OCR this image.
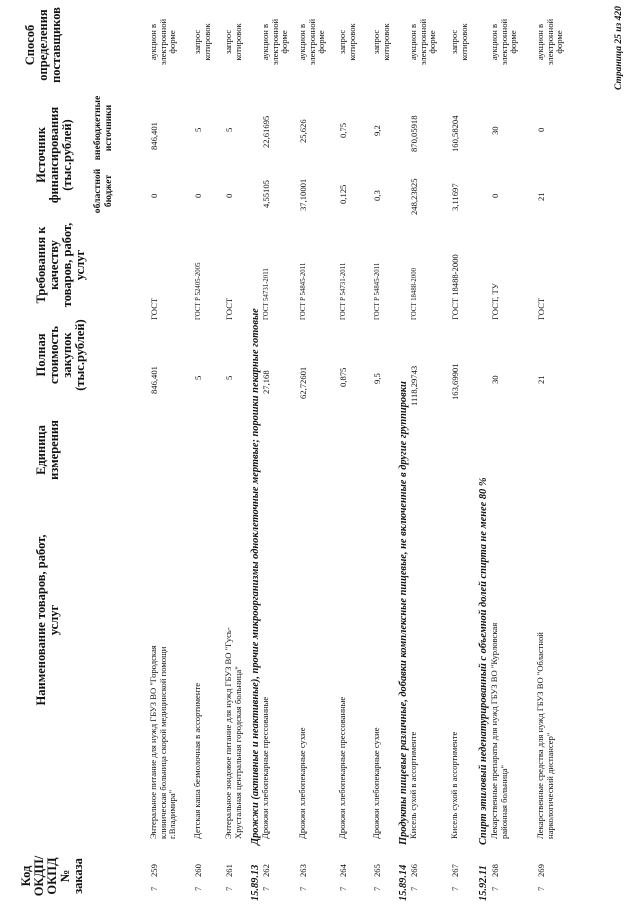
Код ОКДП/ ОКПД № заказа
Наименование товаров, работ, услуг
Единица измерения
Полная стоимость закупок (тыс.рублей)
Требования к качеству товаров, работ, услуг
Источник финансирования (тыс.рублей)
областной бюджет
внебюджетные источники
Способ определения поставщиков
7
259
Энтеральное питание для нужд ГБУЗ ВО "Городская клиническая больница скорой медицинской помощи г.Владимира"
846,401
ГОСТ
0
846,401
аукцион в электронной форме
7
260
Детская каша безмолочная в ассортименте
5
ГОСТ Р 52405-2005
0
5
запрос котировок
7
261
Энтеральное зондовое питание для нужд ГБУЗ ВО "Гусь-Хрустальная центральная городская больница"
5
ГОСТ
0
5
запрос котировок
15.89.13
Дрожжи (активные и неактивные), прочие микроорганизмы одноклеточные мертвые; порошки пекарные готовые
7
262
Дрожжи хлебопекарные прессованные
27,168
ГОСТ 54731-2011
4,55105
22,61695
аукцион в электронной форме
7
263
Дрожжи хлебопекарные сухие
62,72601
ГОСТ Р 54845-2011
37,10001
25,626
аукцион в электронной форме
7
264
Дрожжи хлебопекарные прессованные
0,875
ГОСТ Р 54731-2011
0,125
0,75
запрос котировок
7
265
Дрожжи хлебопекарные сухие
9,5
ГОСТ Р 54845-2011
0,3
9,2
запрос котировок
15.89.14
Продукты пищевые различные, добавки комплексные пищевые, не включенные в другие группировки
7
266
Кисель сухой в ассортименте
1118,29743
ГОСТ 18488-2000
248,23825
870,05918
аукцион в электронной форме
7
267
Кисель сухой в ассортименте
163,69901
ГОСТ 18488-2000
3,11697
160,58204
запрос котировок
15.92.11
Спирт этиловый неденатурированный с объемной долей спирта не менее 80 %
7
268
Лекарственные препараты для нужд ГБУЗ ВО "Курловская районная больница"
30
ГОСТ, ТУ
0
30
аукцион в электронной форме
7
269
Лекарственные средства для нужд ГБУЗ ВО "Областной наркологический диспансер"
21
ГОСТ
21
0
аукцион в электронной форме	Страница 25 из 420
